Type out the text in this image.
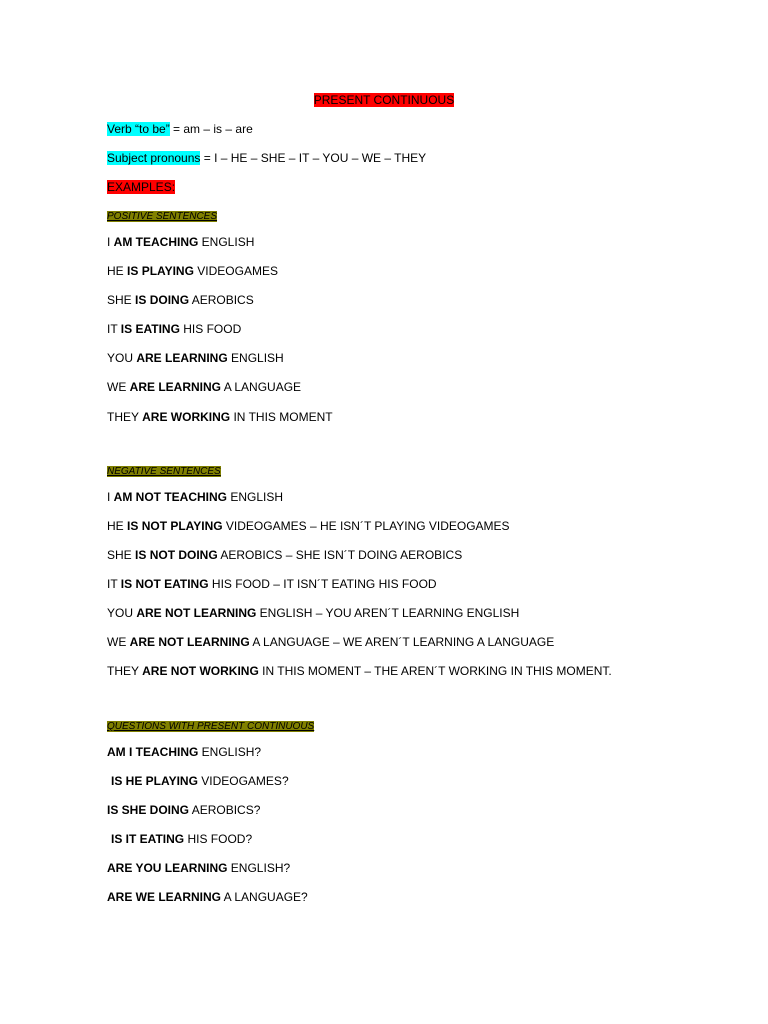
PRESENT CONTINUOUS
Verb “to be” = am – is – are
Subject pronouns = I – HE – SHE – IT – YOU – WE – THEY
EXAMPLES:
POSITIVE SENTENCES
I AM TEACHING ENGLISH
HE IS PLAYING VIDEOGAMES
SHE IS DOING AEROBICS
IT IS EATING HIS FOOD
YOU ARE LEARNING ENGLISH
WE ARE LEARNING A LANGUAGE
THEY ARE WORKING IN THIS MOMENT
NEGATIVE SENTENCES
I AM NOT TEACHING ENGLISH
HE IS NOT PLAYING VIDEOGAMES – HE ISN´T PLAYING VIDEOGAMES
SHE IS NOT DOING AEROBICS – SHE ISN´T DOING AEROBICS
IT IS NOT EATING HIS FOOD – IT ISN´T EATING HIS FOOD
YOU ARE NOT LEARNING ENGLISH – YOU AREN´T LEARNING ENGLISH
WE ARE NOT LEARNING A LANGUAGE – WE AREN´T LEARNING A LANGUAGE
THEY ARE NOT WORKING IN THIS MOMENT – THE AREN´T WORKING IN THIS MOMENT.
QUESTIONS WITH PRESENT CONTINUOUS
AM I TEACHING ENGLISH?
IS HE PLAYING VIDEOGAMES?
IS SHE DOING AEROBICS?
IS IT EATING HIS FOOD?
ARE YOU LEARNING ENGLISH?
ARE WE LEARNING A LANGUAGE?
